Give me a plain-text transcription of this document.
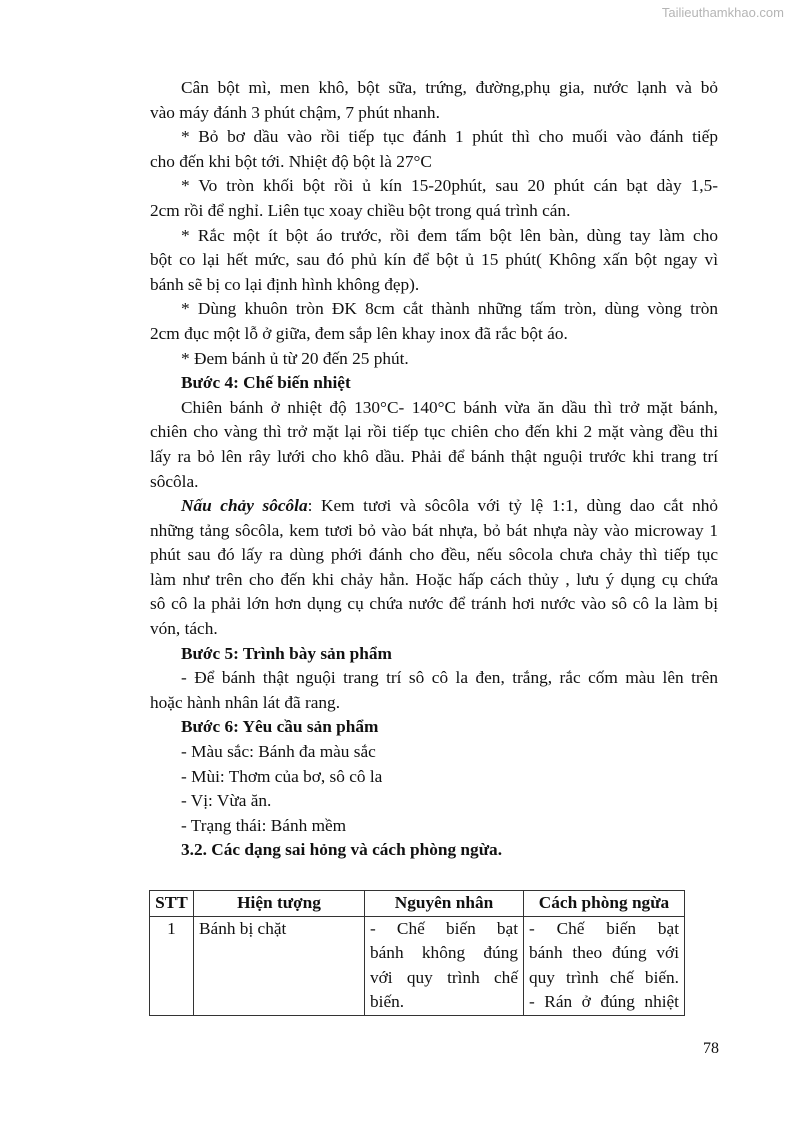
Tailieuthamkhao.com
Cân bột mì, men khô, bột sữa, trứng, đường,phụ gia, nước lạnh và bỏ
vào máy đánh 3 phút chậm, 7 phút nhanh.
* Bỏ bơ dầu vào rồi tiếp tục đánh 1 phút thì cho muối vào đánh tiếp
cho đến khi bột tới. Nhiệt độ bột là 27°C
* Vo tròn khối bột rồi ủ kín 15-20phút, sau 20 phút cán bạt dày 1,5-
2cm rồi để nghỉ. Liên tục xoay chiều bột trong quá trình cán.
* Rắc một ít bột áo trước, rồi đem tấm bột lên bàn, dùng tay làm cho
bột co lại hết mức, sau đó phủ kín để bột ủ 15 phút( Không xấn bột ngay vì
bánh sẽ bị co lại định hình không đẹp).
* Dùng khuôn tròn ĐK 8cm cắt thành những tấm tròn, dùng vòng tròn
2cm đục một lỗ ở giữa, đem sắp lên khay inox đã rắc bột áo.
* Đem bánh ủ từ 20 đến 25 phút.
Bước 4: Chế biến nhiệt
Chiên bánh ở nhiệt độ 130°C- 140°C bánh vừa ăn dầu thì trở mặt bánh,
chiên cho vàng thì trở mặt lại rồi tiếp tục chiên cho đến khi 2 mặt vàng đều thi
lấy ra bỏ lên rây lưới cho khô dầu. Phải để bánh thật nguội trước khi trang trí
sôcôla.
Nấu chảy sôcôla: Kem tươi và sôcôla với tỷ lệ 1:1, dùng dao cắt nhỏ
những tảng sôcôla, kem tươi bỏ vào bát nhựa, bỏ bát nhựa này vào microway 1
phút sau đó lấy ra dùng phới đánh cho đều, nếu sôcola chưa chảy thì tiếp tục
làm như trên cho đến khi chảy hẳn. Hoặc hấp cách thủy , lưu ý dụng cụ chứa
sô cô la phải lớn hơn dụng cụ chứa nước để tránh hơi nước vào sô cô la làm bị
vón, tách.
Bước 5: Trình bày sản phẩm
- Để bánh thật nguội trang trí sô cô la đen, trắng, rắc cốm màu lên trên
hoặc hành nhân lát đã rang.
Bước 6: Yêu cầu sản phẩm
- Màu sắc: Bánh đa màu sắc
- Mùi: Thơm của bơ, sô cô la
- Vị: Vừa ăn.
- Trạng thái: Bánh mềm
3.2. Các dạng sai hỏng và cách phòng ngừa.
STT	Hiện tượng	Nguyên nhân	Cách phòng ngừa
1	Bánh bị chặt	- Chế biến bạt
bánh không đúng
với quy trình chế
biến.	- Chế biến bạt
bánh theo đúng với
quy trình chế biến.
- Rán ở đúng nhiệt
78
